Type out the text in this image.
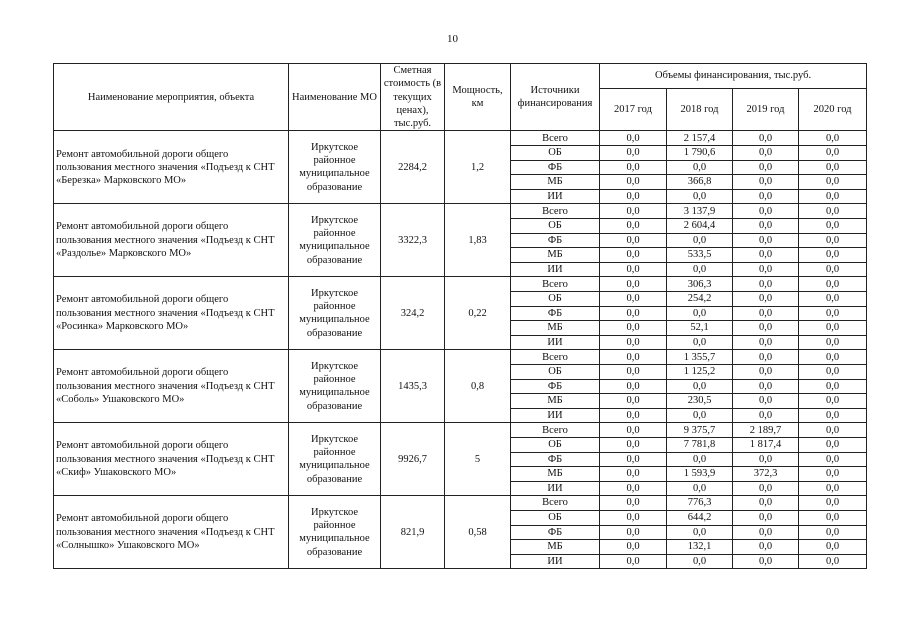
10
Наименование мероприятия, объекта	Наименование МО	Сметная стоимость (в текущих ценах), тыс.руб.	Мощность, км	Источники финансирования	Объемы финансирования, тыс.руб.			
					2017 год	2018 год	2019 год	2020 год
Ремонт автомобильной дороги общего пользования местного значения «Подъезд к СНТ «Березка» Марковского МО»	Иркутское районное муниципальное образование	2284,2	1,2	Всего	0,0	2 157,4	0,0	0,0
				ОБ	0,0	1 790,6	0,0	0,0
				ФБ	0,0	0,0	0,0	0,0
				МБ	0,0	366,8	0,0	0,0
				ИИ	0,0	0,0	0,0	0,0
Ремонт автомобильной дороги общего пользования местного значения «Подъезд к СНТ «Раздолье» Марковского МО»	Иркутское районное муниципальное образование	3322,3	1,83	Всего	0,0	3 137,9	0,0	0,0
				ОБ	0,0	2 604,4	0,0	0,0
				ФБ	0,0	0,0	0,0	0,0
				МБ	0,0	533,5	0,0	0,0
				ИИ	0,0	0,0	0,0	0,0
Ремонт автомобильной дороги общего пользования местного значения «Подъезд к СНТ «Росинка» Марковского МО»	Иркутское районное муниципальное образование	324,2	0,22	Всего	0,0	306,3	0,0	0,0
				ОБ	0,0	254,2	0,0	0,0
				ФБ	0,0	0,0	0,0	0,0
				МБ	0,0	52,1	0,0	0,0
				ИИ	0,0	0,0	0,0	0,0
Ремонт автомобильной дороги общего пользования местного значения «Подъезд к СНТ «Соболь» Ушаковского МО»	Иркутское районное муниципальное образование	1435,3	0,8	Всего	0,0	1 355,7	0,0	0,0
				ОБ	0,0	1 125,2	0,0	0,0
				ФБ	0,0	0,0	0,0	0,0
				МБ	0,0	230,5	0,0	0,0
				ИИ	0,0	0,0	0,0	0,0
Ремонт автомобильной дороги общего пользования местного значения «Подъезд к СНТ «Скиф» Ушаковского МО»	Иркутское районное муниципальное образование	9926,7	5	Всего	0,0	9 375,7	2 189,7	0,0
				ОБ	0,0	7 781,8	1 817,4	0,0
				ФБ	0,0	0,0	0,0	0,0
				МБ	0,0	1 593,9	372,3	0,0
				ИИ	0,0	0,0	0,0	0,0
Ремонт автомобильной дороги общего пользования местного значения «Подъезд к СНТ «Солнышко» Ушаковского МО»	Иркутское районное муниципальное образование	821,9	0,58	Всего	0,0	776,3	0,0	0,0
				ОБ	0,0	644,2	0,0	0,0
				ФБ	0,0	0,0	0,0	0,0
				МБ	0,0	132,1	0,0	0,0
				ИИ	0,0	0,0	0,0	0,0
